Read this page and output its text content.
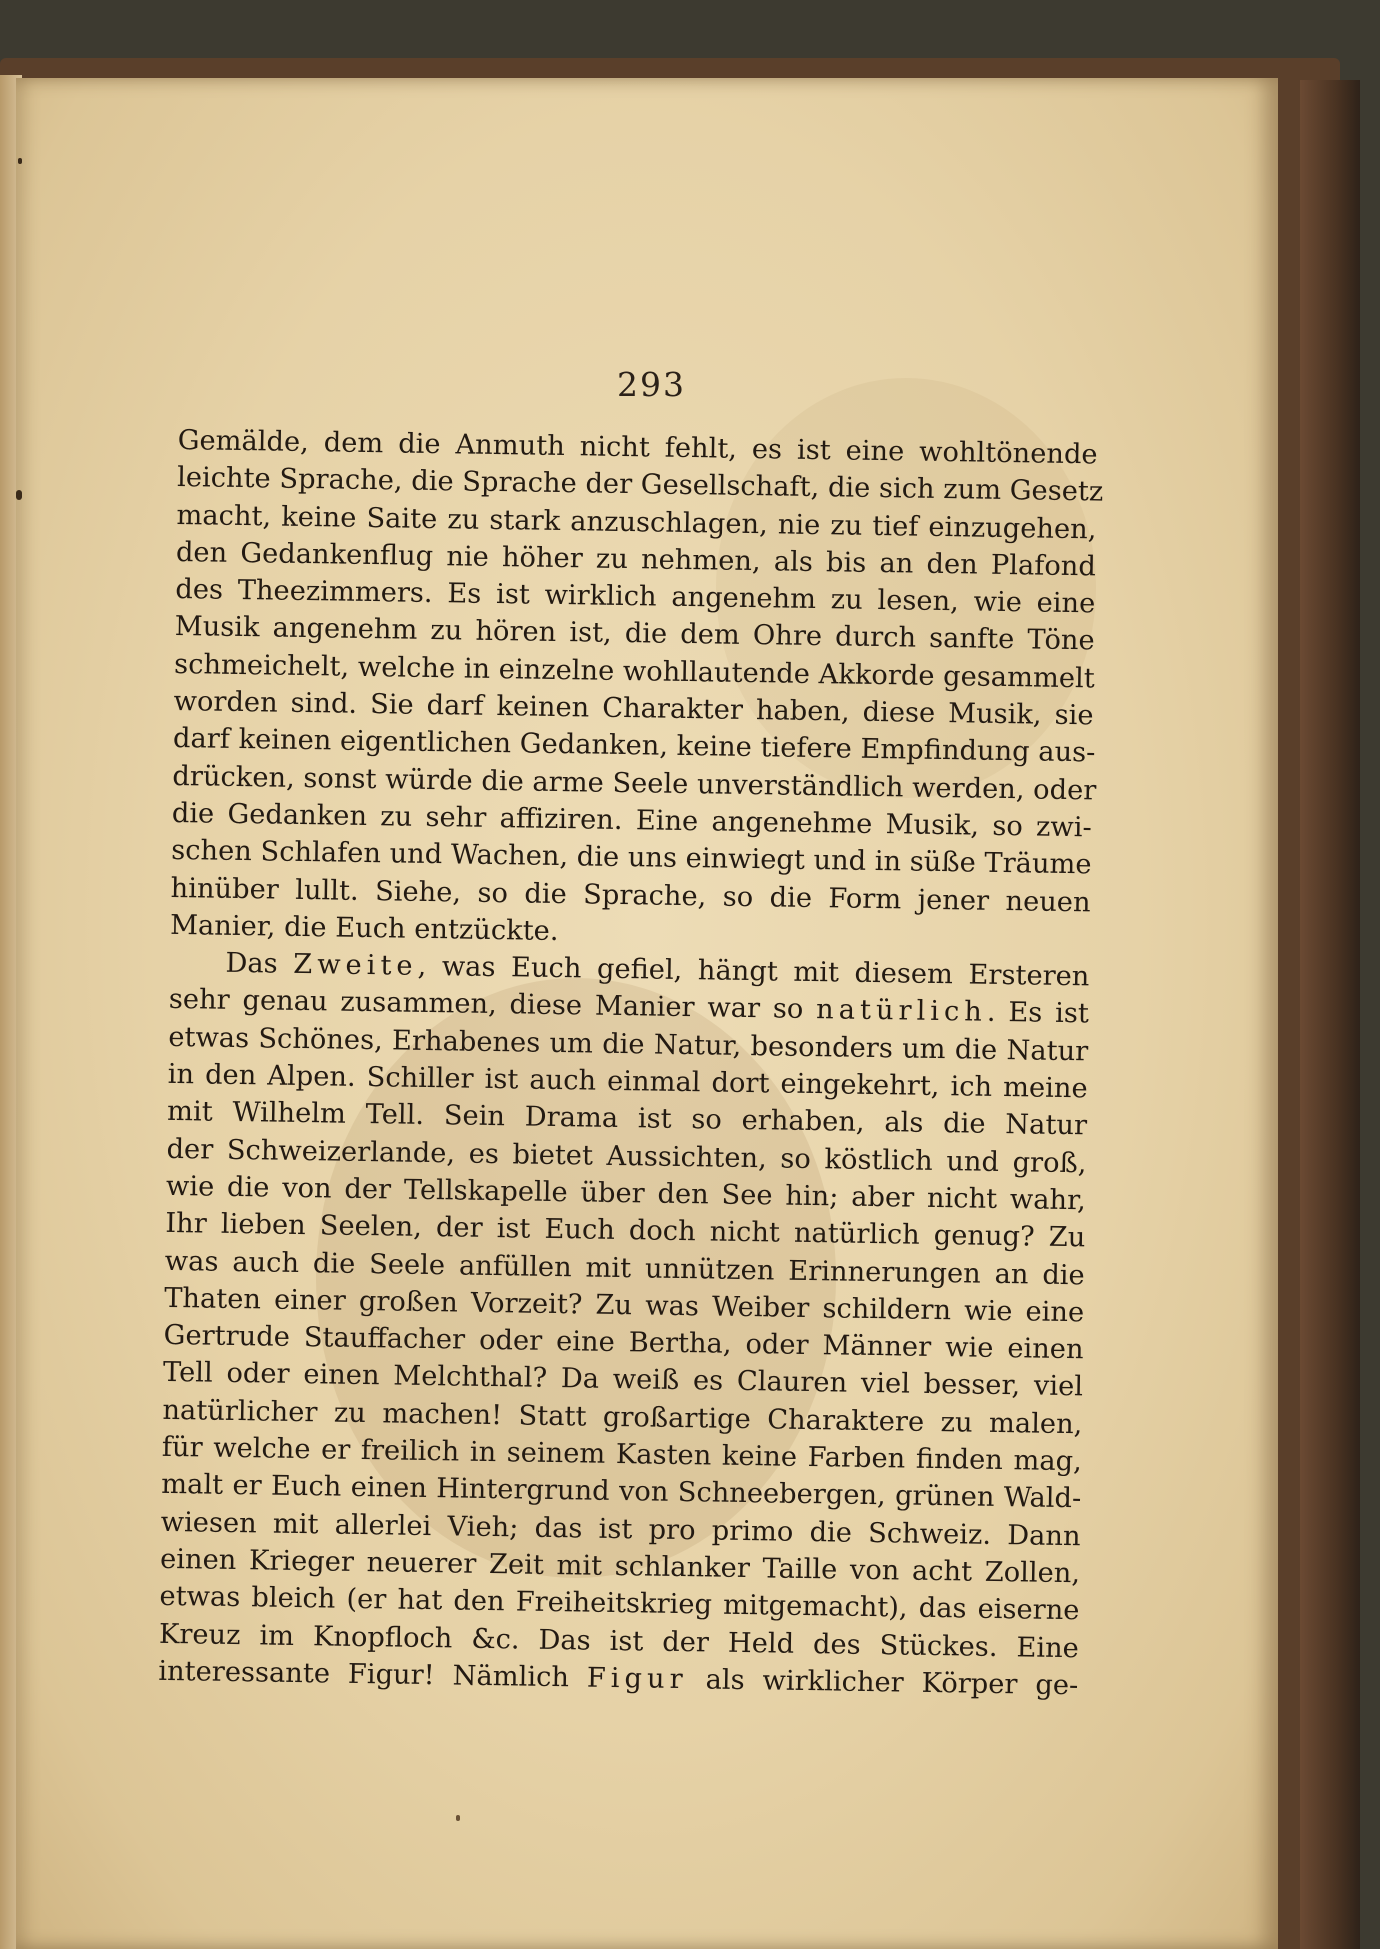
293
Gemälde, dem die Anmuth nicht fehlt, es ist eine wohltönende
leichte Sprache, die Sprache der Gesellschaft, die sich zum Gesetz
macht, keine Saite zu stark anzuschlagen, nie zu tief einzugehen,
den Gedankenflug nie höher zu nehmen, als bis an den Plafond
des Theezimmers. Es ist wirklich angenehm zu lesen, wie eine
Musik angenehm zu hören ist, die dem Ohre durch sanfte Töne
schmeichelt, welche in einzelne wohllautende Akkorde gesammelt
worden sind. Sie darf keinen Charakter haben, diese Musik, sie
darf keinen eigentlichen Gedanken, keine tiefere Empfindung aus-
drücken, sonst würde die arme Seele unverständlich werden, oder
die Gedanken zu sehr affiziren. Eine angenehme Musik, so zwi-
schen Schlafen und Wachen, die uns einwiegt und in süße Träume
hinüber lullt. Siehe, so die Sprache, so die Form jener neuen
Manier, die Euch entzückte.
Das Zweite, was Euch gefiel, hängt mit diesem Ersteren
sehr genau zusammen, diese Manier war so natürlich. Es ist
etwas Schönes, Erhabenes um die Natur, besonders um die Natur
in den Alpen. Schiller ist auch einmal dort eingekehrt, ich meine
mit Wilhelm Tell. Sein Drama ist so erhaben, als die Natur
der Schweizerlande, es bietet Aussichten, so köstlich und groß,
wie die von der Tellskapelle über den See hin; aber nicht wahr,
Ihr lieben Seelen, der ist Euch doch nicht natürlich genug? Zu
was auch die Seele anfüllen mit unnützen Erinnerungen an die
Thaten einer großen Vorzeit? Zu was Weiber schildern wie eine
Gertrude Stauffacher oder eine Bertha, oder Männer wie einen
Tell oder einen Melchthal? Da weiß es Clauren viel besser, viel
natürlicher zu machen! Statt großartige Charaktere zu malen,
für welche er freilich in seinem Kasten keine Farben finden mag,
malt er Euch einen Hintergrund von Schneebergen, grünen Wald-
wiesen mit allerlei Vieh; das ist pro primo die Schweiz. Dann
einen Krieger neuerer Zeit mit schlanker Taille von acht Zollen,
etwas bleich (er hat den Freiheitskrieg mitgemacht), das eiserne
Kreuz im Knopfloch &c. Das ist der Held des Stückes. Eine
interessante Figur! Nämlich Figur als wirklicher Körper ge-
